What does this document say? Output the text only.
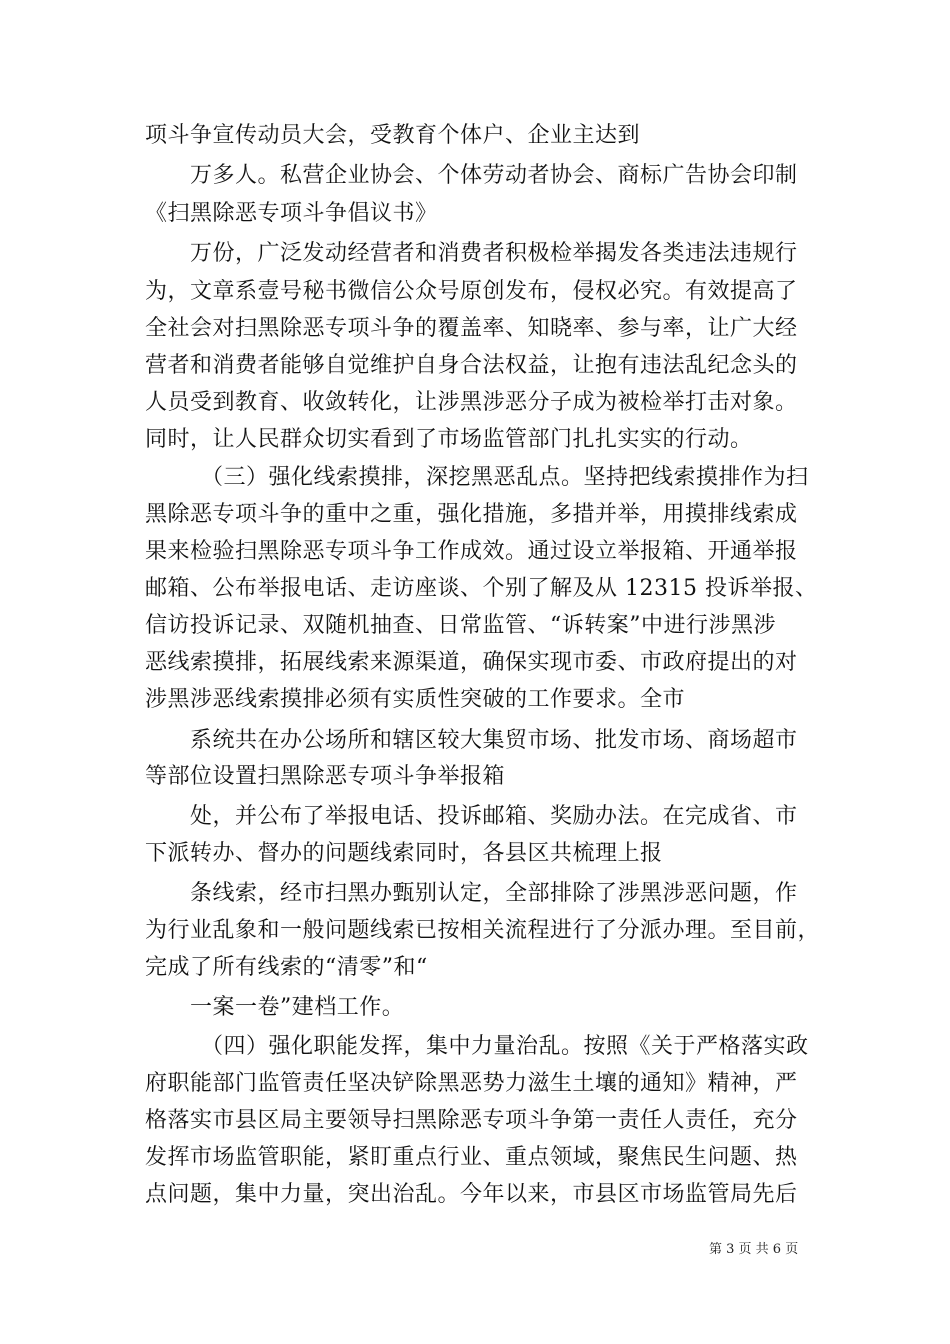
项斗争宣传动员大会，受教育个体户、企业主达到
万多人。私营企业协会、个体劳动者协会、商标广告协会印制
《扫黑除恶专项斗争倡议书》
万份，广泛发动经营者和消费者积极检举揭发各类违法违规行
为，文章系壹号秘书微信公众号原创发布，侵权必究。有效提高了
全社会对扫黑除恶专项斗争的覆盖率、知晓率、参与率，让广大经
营者和消费者能够自觉维护自身合法权益，让抱有违法乱纪念头的
人员受到教育、收敛转化，让涉黑涉恶分子成为被检举打击对象。
同时，让人民群众切实看到了市场监管部门扎扎实实的行动。
（三）强化线索摸排，深挖黑恶乱点。坚持把线索摸排作为扫
黑除恶专项斗争的重中之重，强化措施，多措并举，用摸排线索成
果来检验扫黑除恶专项斗争工作成效。通过设立举报箱、开通举报
邮箱、公布举报电话、走访座谈、个别了解及从 12315 投诉举报、
信访投诉记录、双随机抽查、日常监管、“诉转案”中进行涉黑涉
恶线索摸排，拓展线索来源渠道，确保实现市委、市政府提出的对
涉黑涉恶线索摸排必须有实质性突破的工作要求。全市
系统共在办公场所和辖区较大集贸市场、批发市场、商场超市
等部位设置扫黑除恶专项斗争举报箱
处，并公布了举报电话、投诉邮箱、奖励办法。在完成省、市
下派转办、督办的问题线索同时，各县区共梳理上报
条线索，经市扫黑办甄别认定，全部排除了涉黑涉恶问题，作
为行业乱象和一般问题线索已按相关流程进行了分派办理。至目前，
完成了所有线索的“清零”和“
一案一卷”建档工作。
（四）强化职能发挥，集中力量治乱。按照《关于严格落实政
府职能部门监管责任坚决铲除黑恶势力滋生土壤的通知》精神，严
格落实市县区局主要领导扫黑除恶专项斗争第一责任人责任，充分
发挥市场监管职能，紧盯重点行业、重点领域，聚焦民生问题、热
点问题，集中力量，突出治乱。今年以来，市县区市场监管局先后
第 3 页 共 6 页
